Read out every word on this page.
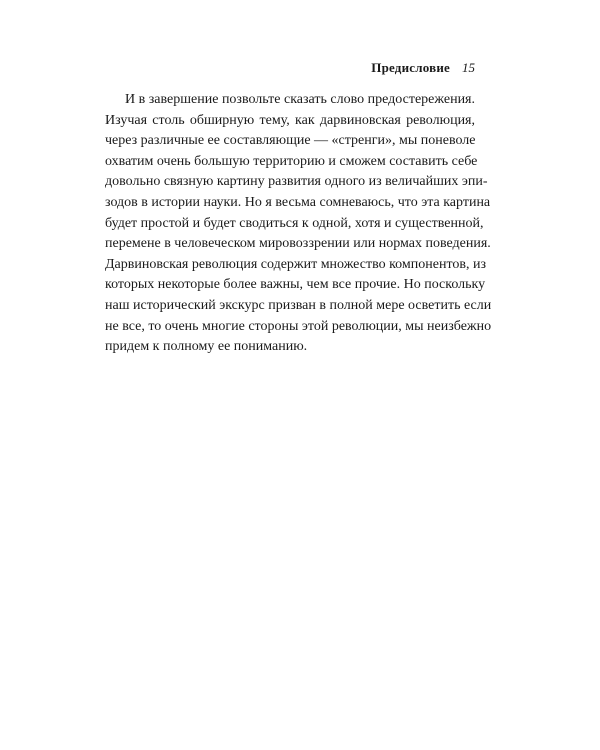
Предисловие 15
И в завершение позвольте сказать слово предостережения.
Изучая столь обширную тему, как дарвиновская революция,
через различные ее составляющие — «стренги», мы поневоле
охватим очень большую территорию и сможем составить себе
довольно связную картину развития одного из величайших эпи-
зодов в истории науки. Но я весьма сомневаюсь, что эта картина
будет простой и будет сводиться к одной, хотя и существенной,
перемене в человеческом мировоззрении или нормах поведения.
Дарвиновская революция содержит множество компонентов, из
которых некоторые более важны, чем все прочие. Но поскольку
наш исторический экскурс призван в полной мере осветить если
не все, то очень многие стороны этой революции, мы неизбежно
придем к полному ее пониманию.
